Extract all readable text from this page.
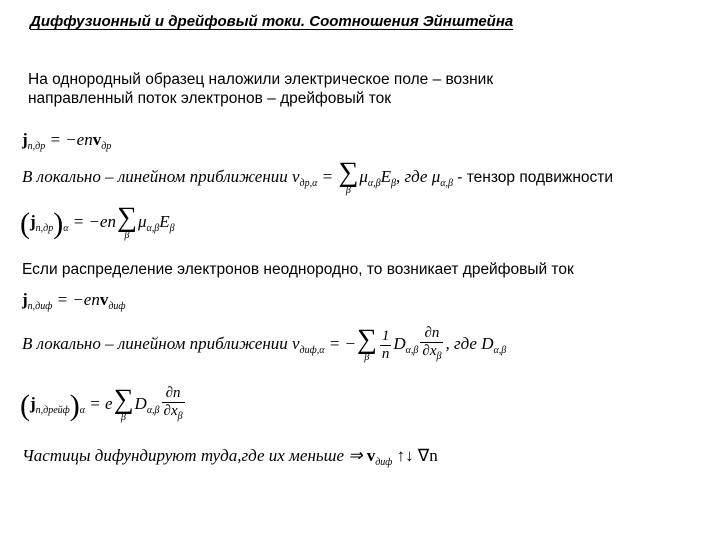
Диффузионный и дрейфовый токи. Соотношения Эйнштейна
На однородный образец наложили электрическое поле – возник
направленный поток электронов – дрейфовый ток
$j_{n,др} = -env_{др}$
В локально – линейном приближении $v_{др,\alpha}$ = ∑
β
$\mu_{\alpha,\beta}E_\beta$, где $\mu_{\alpha,\beta}$ - тензор подвижности
$(j_{n,др})_\alpha = -en$ ∑
β
$\mu_{\alpha,\beta}E_\beta$
Если распределение электронов неоднородно, то возникает дрейфовый ток
$j_{n,диф} = -env_{диф}$
В локально – линейном приближении $v_{диф,\alpha}$ = − ∑
β $\frac{1}{n} D_{\alpha,\beta} \frac{\partial n}{\partial x_\beta}$ , где $D_{\alpha,\beta}$
$(j_{n,дрейф})_\alpha = e$ ∑
β
$D_{\alpha,\beta} \frac{\partial n}{\partial x_\beta}$
Частицы дифундируют туда,где их меньше ⇒ $v_{диф}$ ↑↓ ∇n
